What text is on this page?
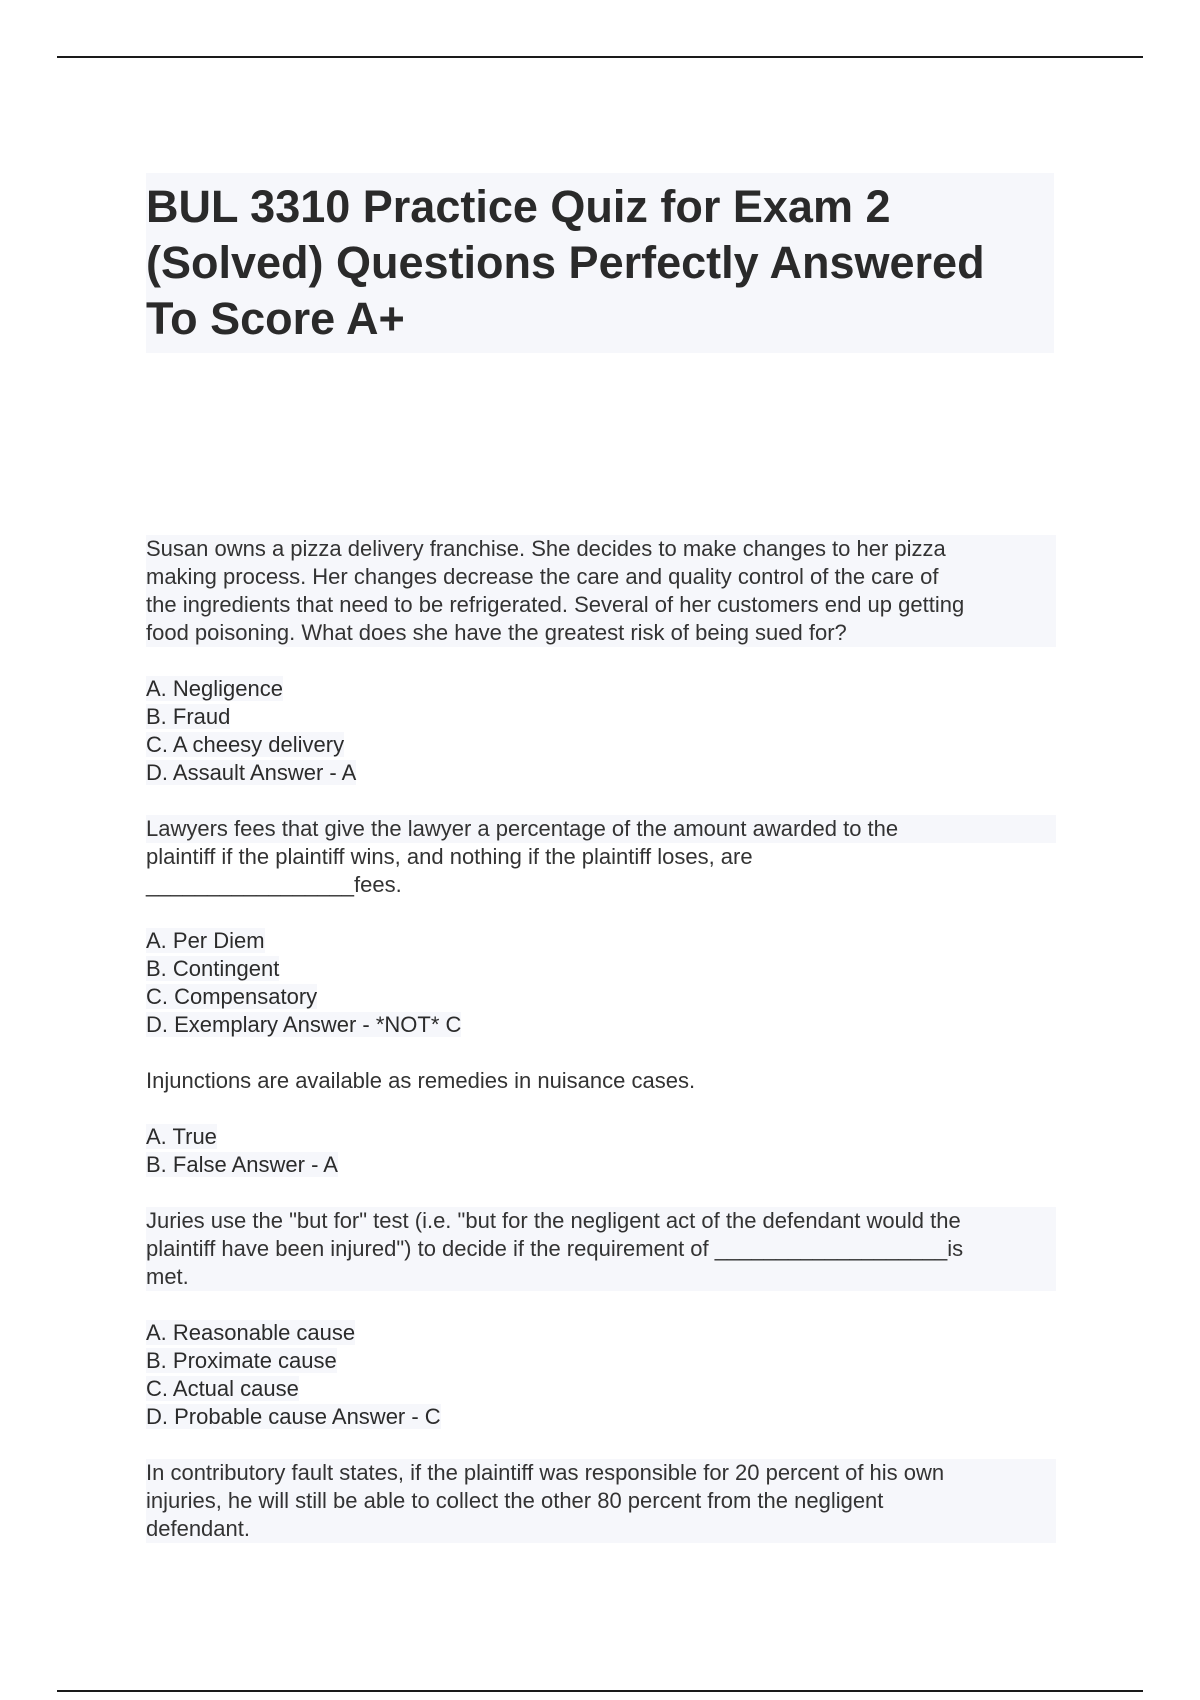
BUL 3310 Practice Quiz for Exam 2
(Solved) Questions Perfectly Answered
To Score A+
Susan owns a pizza delivery franchise. She decides to make changes to her pizza
making process. Her changes decrease the care and quality control of the care of
the ingredients that need to be refrigerated. Several of her customers end up getting
food poisoning. What does she have the greatest risk of being sued for?
A. Negligence
B. Fraud
C. A cheesy delivery
D. Assault Answer - A
Lawyers fees that give the lawyer a percentage of the amount awarded to the
plaintiff if the plaintiff wins, and nothing if the plaintiff loses, are
_________________fees.
A. Per Diem
B. Contingent
C. Compensatory
D. Exemplary Answer - *NOT* C
Injunctions are available as remedies in nuisance cases.
A. True
B. False Answer - A
Juries use the "but for" test (i.e. "but for the negligent act of the defendant would the
plaintiff have been injured") to decide if the requirement of ___________________is
met.
A. Reasonable cause
B. Proximate cause
C. Actual cause
D. Probable cause Answer - C
In contributory fault states, if the plaintiff was responsible for 20 percent of his own
injuries, he will still be able to collect the other 80 percent from the negligent
defendant.
